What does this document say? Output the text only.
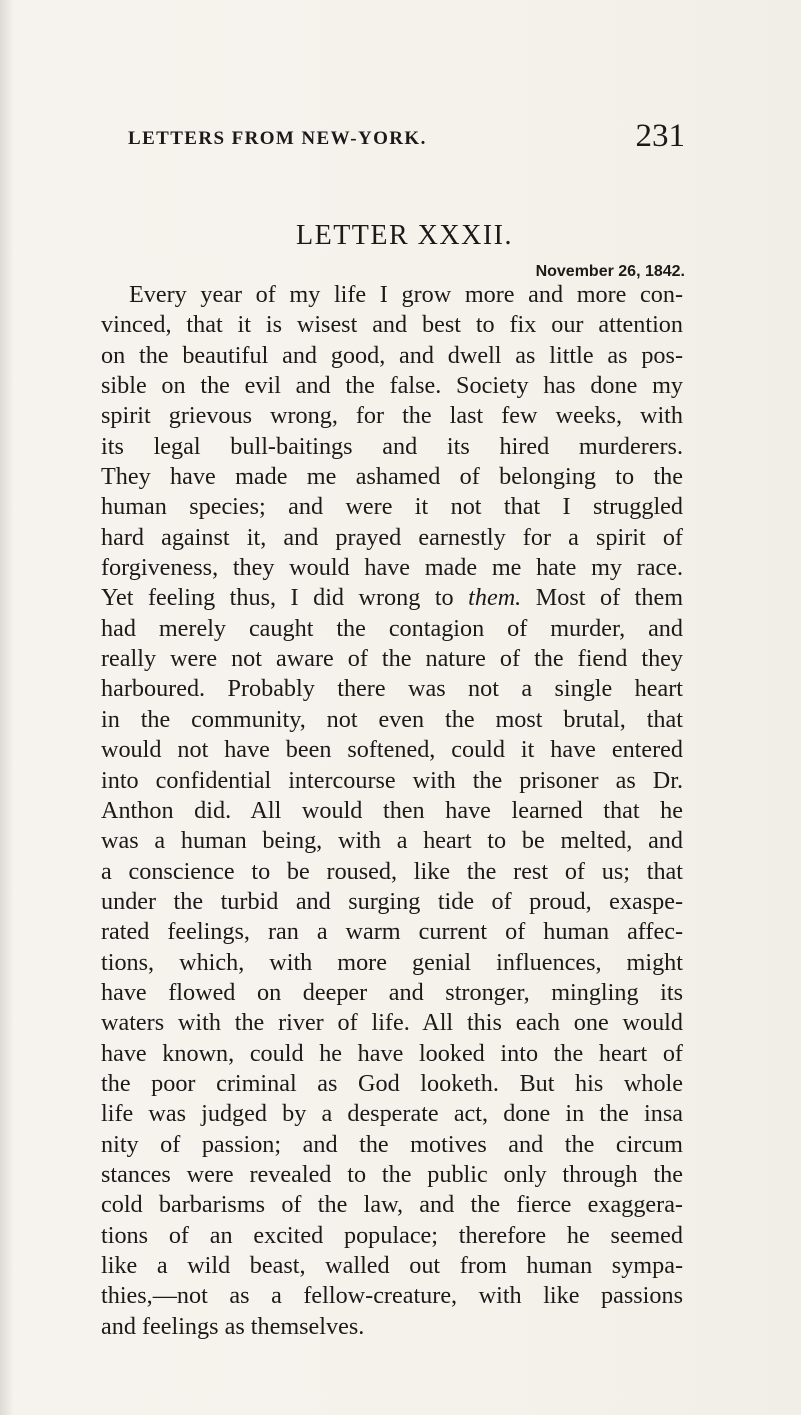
LETTERS FROM NEW-YORK.	231
LETTER XXXII.
November 26, 1842.
Every year of my life I grow more and more con-
vinced, that it is wisest and best to fix our attention
on the beautiful and good, and dwell as little as pos-
sible on the evil and the false. Society has done my
spirit grievous wrong, for the last few weeks, with
its legal bull-baitings and its hired murderers.
They have made me ashamed of belonging to the
human species; and were it not that I struggled
hard against it, and prayed earnestly for a spirit of
forgiveness, they would have made me hate my race.
Yet feeling thus, I did wrong to them. Most of them
had merely caught the contagion of murder, and
really were not aware of the nature of the fiend they
harboured. Probably there was not a single heart
in the community, not even the most brutal, that
would not have been softened, could it have entered
into confidential intercourse with the prisoner as Dr.
Anthon did. All would then have learned that he
was a human being, with a heart to be melted, and
a conscience to be roused, like the rest of us; that
under the turbid and surging tide of proud, exaspe-
rated feelings, ran a warm current of human affec-
tions, which, with more genial influences, might
have flowed on deeper and stronger, mingling its
waters with the river of life. All this each one would
have known, could he have looked into the heart of
the poor criminal as God looketh. But his whole
life was judged by a desperate act, done in the insa
nity of passion; and the motives and the circum
stances were revealed to the public only through the
cold barbarisms of the law, and the fierce exaggera-
tions of an excited populace; therefore he seemed
like a wild beast, walled out from human sympa-
thies,—not as a fellow-creature, with like passions
and feelings as themselves.
